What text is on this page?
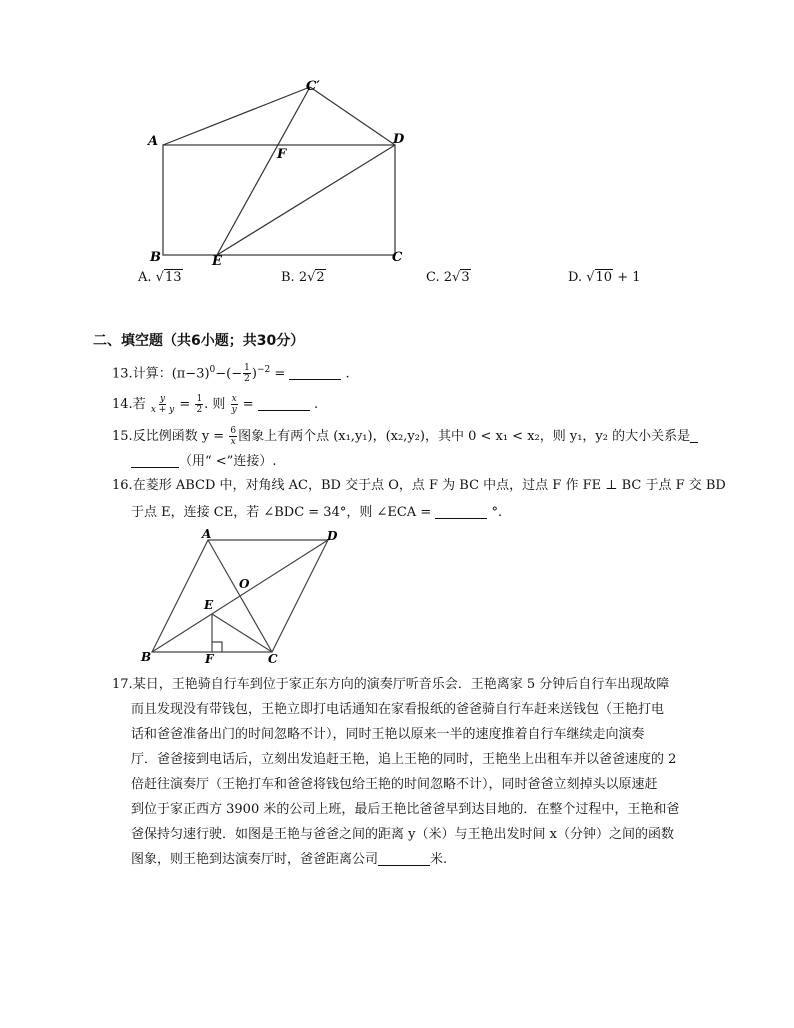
A
B	C
D
E
F
C′
A. √13	B. 2√2	C. 2√3	D. √10 + 1
二、填空题（共6小题；共30分）
13.计算：$(\pi-3)^0-(- \frac{1}{2} )^{-2}$ =	.
14.若 $\frac{y}{x + y} = \frac{1}{2}$ . 则 $\frac{x}{y}$ =	.
15.反比例函数 $y = \frac{6}{x}$ 图象上有两个点 (x₁,y₁)，(x₂,y₂)，其中 0 < x₁ < x₂，则 y₁，y₂ 的大小关系是
（用“ <”连接）.
16.在菱形 ABCD 中，对角线 AC，BD 交于点 O，点 F 为 BC 中点，过点 F 作 FE ⊥ BC 于点 F 交 BD
于点 E，连接 CE，若 ∠BDC = 34°，则 ∠ECA =	°.
A	D
B	C
O
E
F
17.某日，王艳骑自行车到位于家正东方向的演奏厅听音乐会．王艳离家 5 分钟后自行车出现故障
而且发现没有带钱包，王艳立即打电话通知在家看报纸的爸爸骑自行车赶来送钱包（王艳打电
话和爸爸准备出门的时间忽略不计），同时王艳以原来一半的速度推着自行车继续走向演奏
厅．爸爸接到电话后，立刻出发追赶王艳，追上王艳的同时，王艳坐上出租车并以爸爸速度的 2
倍赶往演奏厅（王艳打车和爸爸将钱包给王艳的时间忽略不计），同时爸爸立刻掉头以原速赶
到位于家正西方 3900 米的公司上班，最后王艳比爸爸早到达目地的．在整个过程中，王艳和爸
爸保持匀速行驶．如图是王艳与爸爸之间的距离 y（米）与王艳出发时间 x（分钟）之间的函数
图象，则王艳到达演奏厅时，爸爸距离公司	米.
